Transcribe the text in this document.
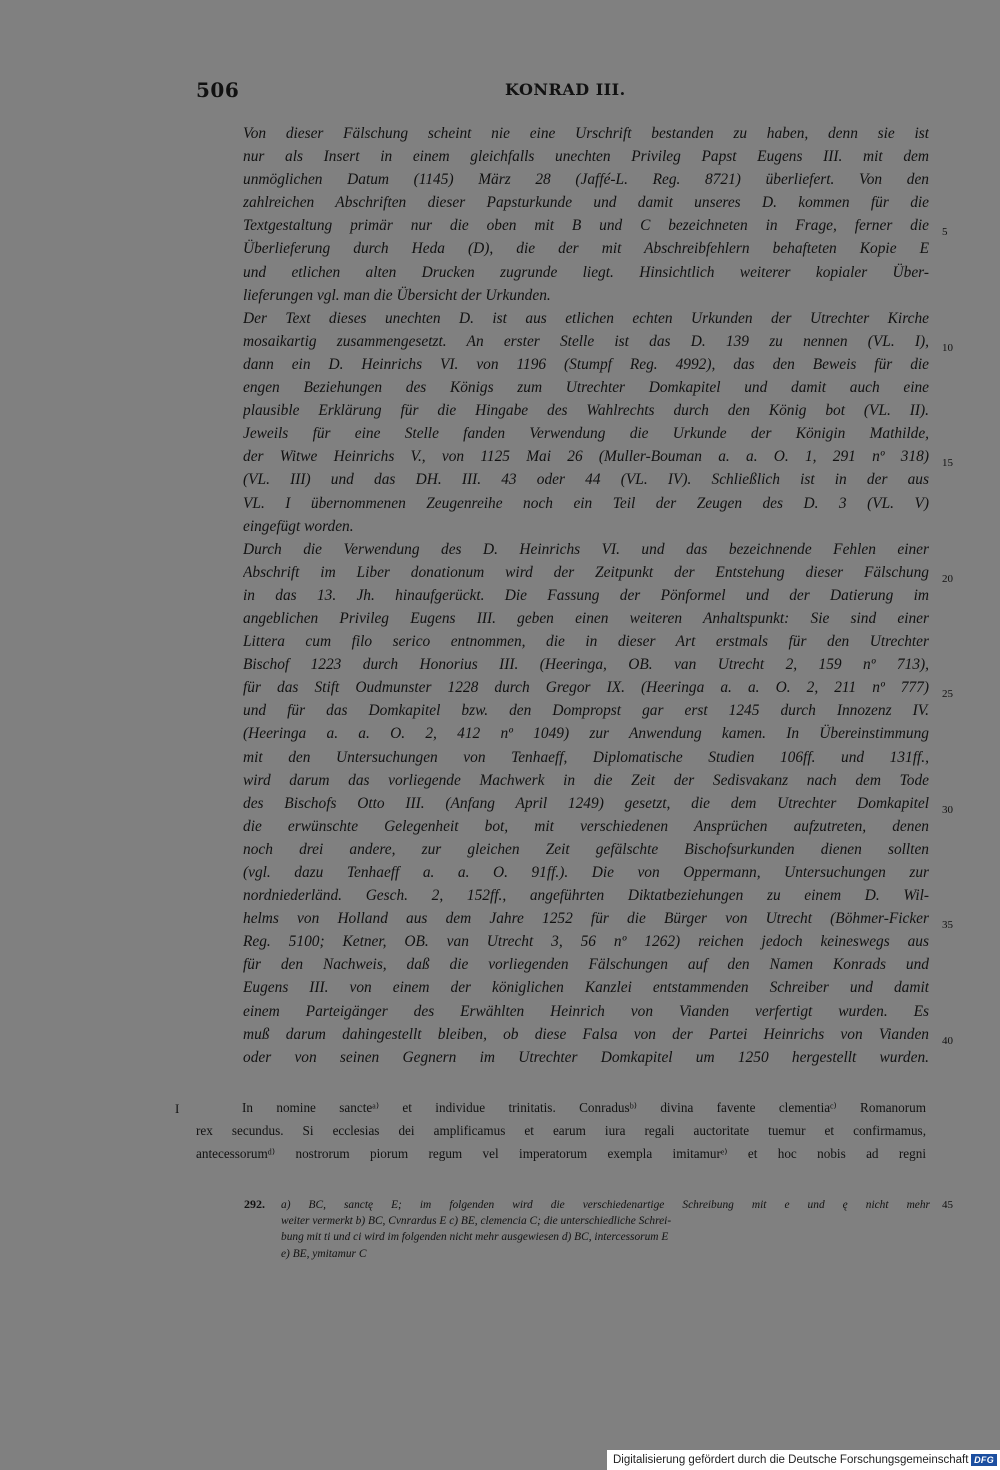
506	KONRAD III.
Von dieser Fälschung scheint nie eine Urschrift bestanden zu haben, denn sie ist
nur als Insert in einem gleichfalls unechten Privileg Papst Eugens III. mit dem
unmöglichen Datum (1145) März 28 (Jaffé-L. Reg. 8721) überliefert. Von den
zahlreichen Abschriften dieser Papsturkunde und damit unseres D. kommen für die
Textgestaltung primär nur die oben mit B und C bezeichneten in Frage, ferner die
Überlieferung durch Heda (D), die der mit Abschreibfehlern behafteten Kopie E
und etlichen alten Drucken zugrunde liegt. Hinsichtlich weiterer kopialer Über-
lieferungen vgl. man die Übersicht der Urkunden.
Der Text dieses unechten D. ist aus etlichen echten Urkunden der Utrechter Kirche
mosaikartig zusammengesetzt. An erster Stelle ist das D. 139 zu nennen (VL. I),
dann ein D. Heinrichs VI. von 1196 (Stumpf Reg. 4992), das den Beweis für die
engen Beziehungen des Königs zum Utrechter Domkapitel und damit auch eine
plausible Erklärung für die Hingabe des Wahlrechts durch den König bot (VL. II).
Jeweils für eine Stelle fanden Verwendung die Urkunde der Königin Mathilde,
der Witwe Heinrichs V., von 1125 Mai 26 (Muller-Bouman a. a. O. 1, 291 nº 318)
(VL. III) und das DH. III. 43 oder 44 (VL. IV). Schließlich ist in der aus
VL. I übernommenen Zeugenreihe noch ein Teil der Zeugen des D. 3 (VL. V)
eingefügt worden.
Durch die Verwendung des D. Heinrichs VI. und das bezeichnende Fehlen einer
Abschrift im Liber donationum wird der Zeitpunkt der Entstehung dieser Fälschung
in das 13. Jh. hinaufgerückt. Die Fassung der Pönformel und der Datierung im
angeblichen Privileg Eugens III. geben einen weiteren Anhaltspunkt: Sie sind einer
Littera cum filo serico entnommen, die in dieser Art erstmals für den Utrechter
Bischof 1223 durch Honorius III. (Heeringa, OB. van Utrecht 2, 159 nº 713),
für das Stift Oudmunster 1228 durch Gregor IX. (Heeringa a. a. O. 2, 211 nº 777)
und für das Domkapitel bzw. den Dompropst gar erst 1245 durch Innozenz IV.
(Heeringa a. a. O. 2, 412 nº 1049) zur Anwendung kamen. In Übereinstimmung
mit den Untersuchungen von Tenhaeff, Diplomatische Studien 106ff. und 131ff.,
wird darum das vorliegende Machwerk in die Zeit der Sedisvakanz nach dem Tode
des Bischofs Otto III. (Anfang April 1249) gesetzt, die dem Utrechter Domkapitel
die erwünschte Gelegenheit bot, mit verschiedenen Ansprüchen aufzutreten, denen
noch drei andere, zur gleichen Zeit gefälschte Bischofsurkunden dienen sollten
(vgl. dazu Tenhaeff a. a. O. 91ff.). Die von Oppermann, Untersuchungen zur
nordniederländ. Gesch. 2, 152ff., angeführten Diktatbeziehungen zu einem D. Wil-
helms von Holland aus dem Jahre 1252 für die Bürger von Utrecht (Böhmer-Ficker
Reg. 5100; Ketner, OB. van Utrecht 3, 56 nº 1262) reichen jedoch keineswegs aus
für den Nachweis, daß die vorliegenden Fälschungen auf den Namen Konrads und
Eugens III. von einem der königlichen Kanzlei entstammenden Schreiber und damit
einem Parteigänger des Erwählten Heinrich von Vianden verfertigt wurden. Es
muß darum dahingestellt bleiben, ob diese Falsa von der Partei Heinrichs von Vianden
oder von seinen Gegnern im Utrechter Domkapitel um 1250 hergestellt wurden.
5
10
15
20
25
30
35
40
I	In nomine sancteᵃ⁾ et individue trinitatis. Conradusᵇ⁾ divina favente clementiaᶜ⁾ Romanorum
rex secundus. Si ecclesias dei amplificamus et earum iura regali auctoritate tuemur et confirmamus,
antecessorumᵈ⁾ nostrorum piorum regum vel imperatorum exempla imitamurᵉ⁾ et hoc nobis ad regni
292.	45
a) BC, sanctę E; im folgenden wird die verschiedenartige Schreibung mit e und ę nicht mehr
weiter vermerkt b) BC, Cvnrardus E c) BE, clemencia C; die unterschiedliche Schrei-
bung mit ti und ci wird im folgenden nicht mehr ausgewiesen d) BC, intercessorum E
e) BE, ymitamur C
Digitalisierung gefördert durch die Deutsche Forschungsgemeinschaft DFG
